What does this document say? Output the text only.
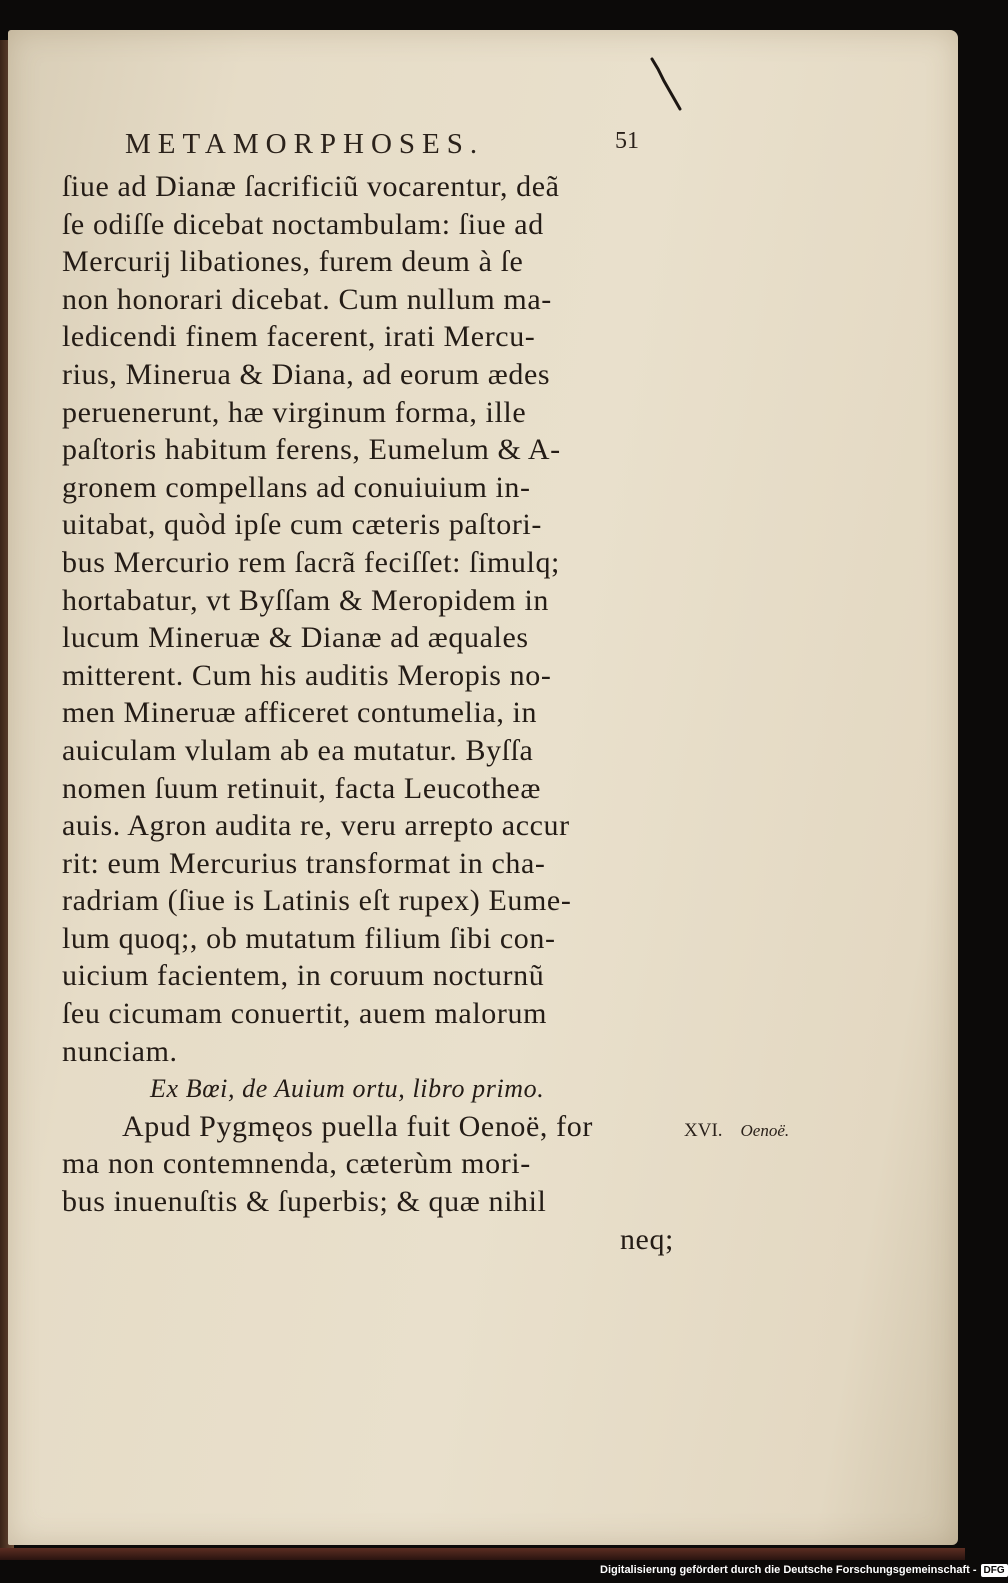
METAMORPHOSES.	51
ſiue ad Dianæ ſacrificiũ vocarentur, deã
ſe odiſſe dicebat noctambulam: ſiue ad
Mercurij libationes, furem deum à ſe
non honorari dicebat. Cum nullum ma-
ledicendi finem facerent, irati Mercu-
rius, Minerua & Diana, ad eorum ædes
peruenerunt, hæ virginum forma, ille
paſtoris habitum ferens, Eumelum & A-
gronem compellans ad conuiuium in-
uitabat, quòd ipſe cum cæteris paſtori-
bus Mercurio rem ſacrã feciſſet: ſimulq;
hortabatur, vt Byſſam & Meropidem in
lucum Mineruæ & Dianæ ad æquales
mitterent. Cum his auditis Meropis no-
men Mineruæ afficeret contumelia, in
auiculam vlulam ab ea mutatur. Byſſa
nomen ſuum retinuit, facta Leucotheæ
auis. Agron audita re, veru arrepto accur
rit: eum Mercurius transformat in cha-
radriam (ſiue is Latinis eſt rupex) Eume-
lum quoq;, ob mutatum filium ſibi con-
uicium facientem, in coruum nocturnũ
ſeu cicumam conuertit, auem malorum
nunciam.
Ex Bœi, de Auium ortu, libro primo.
Apud Pygmęos puella fuit Oenoë, for
ma non contemnenda, cæterùm mori-
bus inuenuſtis & ſuperbis; & quæ nihil
neq;
XVI. Oenoë.
Digitalisierung gefördert durch die Deutsche Forschungsgemeinschaft - DFG
